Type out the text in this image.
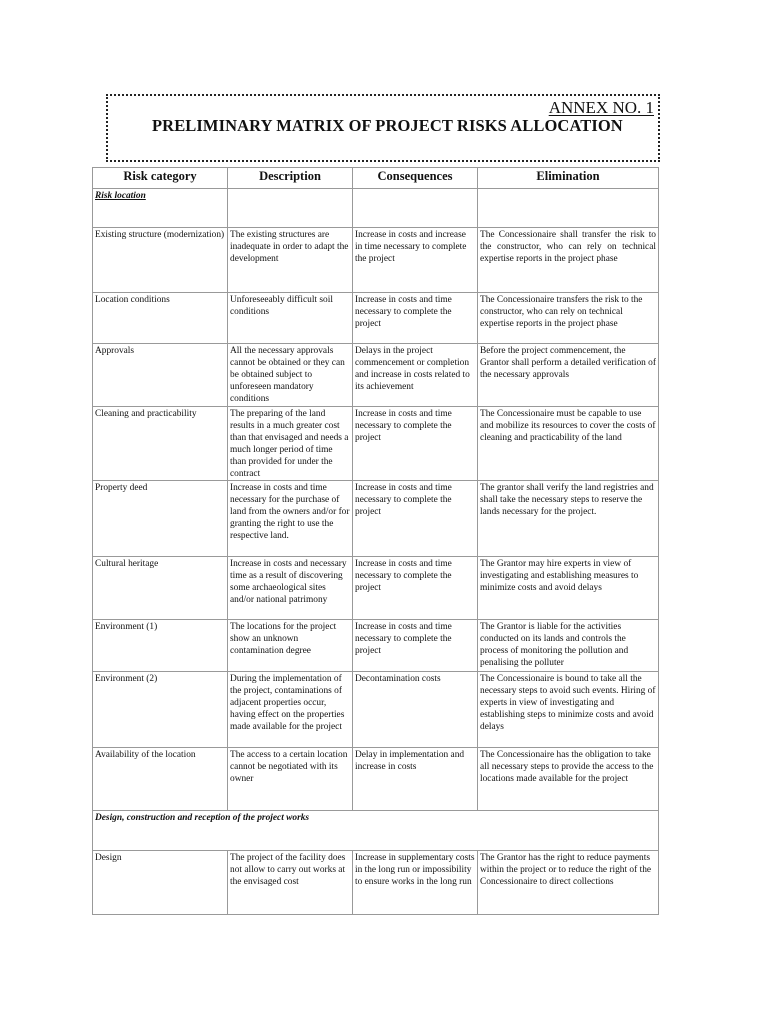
ANNEX NO. 1
PRELIMINARY MATRIX OF PROJECT RISKS ALLOCATION
Risk category	Description	Consequences	Elimination
Risk location			
Existing structure (modernization)	The existing structures are inadequate in order to adapt the development	Increase in costs and increase in time necessary to complete the project	The Concessionaire shall transfer the risk to the constructor, who can rely on technical expertise reports in the project phase
Location conditions	Unforeseeably difficult soil conditions	Increase in costs and time necessary to complete the project	The Concessionaire transfers the risk to the constructor, who can rely on technical expertise reports in the project phase
Approvals	All the necessary approvals cannot be obtained or they can be obtained subject to unforeseen mandatory conditions	Delays in the project commencement or completion and increase in costs related to its achievement	Before the project commencement, the Grantor shall perform a detailed verification of the necessary approvals
Cleaning and practicability	The preparing of the land results in a much greater cost than that envisaged and needs a much longer period of time than provided for under the contract	Increase in costs and time necessary to complete the project	The Concessionaire must be capable to use and mobilize its resources to cover the costs of cleaning and practicability of the land
Property deed	Increase in costs and time necessary for the purchase of land from the owners and/or for granting the right to use the respective land.	Increase in costs and time necessary to complete the project	The grantor shall verify the land registries and shall take the necessary steps to reserve the lands necessary for the project.
Cultural heritage	Increase in costs and necessary time as a result of discovering some archaeological sites and/or national patrimony	Increase in costs and time necessary to complete the project	The Grantor may hire experts in view of investigating and establishing measures to minimize costs and avoid delays
Environment (1)	The locations for the project show an unknown contamination degree	Increase in costs and time necessary to complete the project	The Grantor is liable for the activities conducted on its lands and controls the process of monitoring the pollution and penalising the polluter
Environment (2)	During the implementation of the project, contaminations of adjacent properties occur, having effect on the properties made available for the project	Decontamination costs	The Concessionaire is bound to take all the necessary steps to avoid such events. Hiring of experts in view of investigating and establishing steps to minimize costs and avoid delays
Availability of the location	The access to a certain location cannot be negotiated with its owner	Delay in implementation and increase in costs	The Concessionaire has the obligation to take all necessary steps to provide the access to the locations made available for the project
Design, construction and reception of the project works			
Design	The project of the facility does not allow to carry out works at the envisaged cost	Increase in supplementary costs in the long run or impossibility to ensure works in the long run	The Grantor has the right to reduce payments within the project or to reduce the right of the Concessionaire to direct collections
